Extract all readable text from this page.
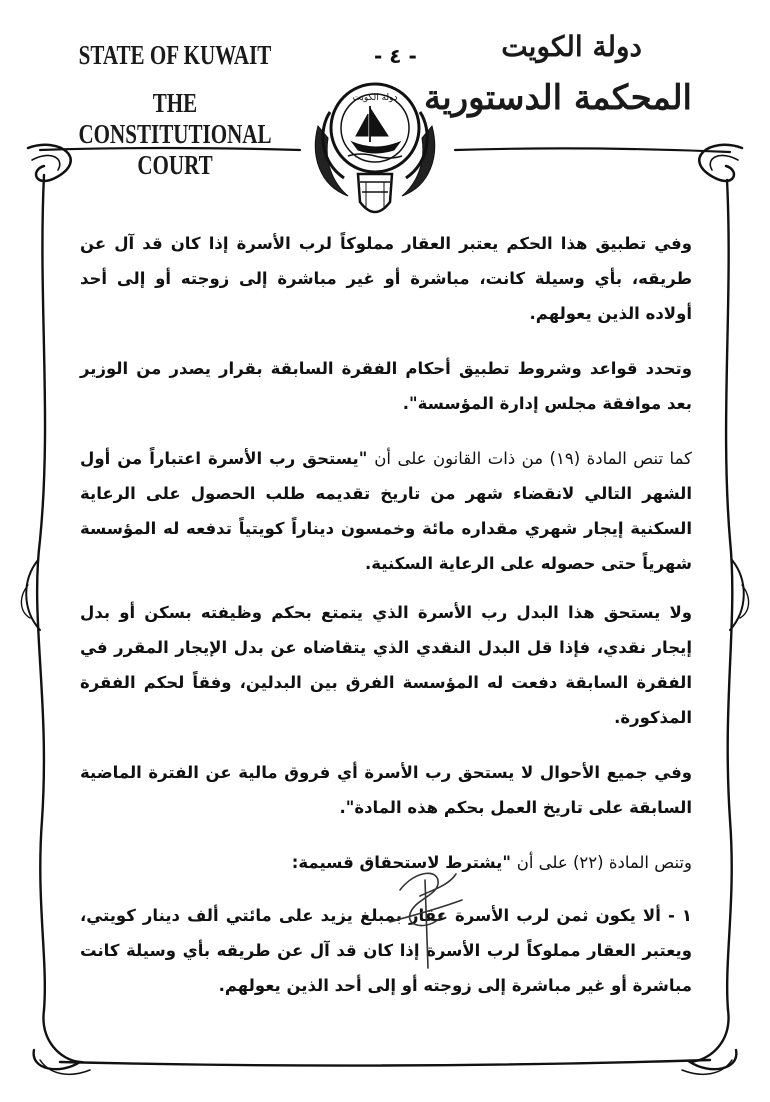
STATE OF KUWAIT
THE CONSTITUTIONAL COURT
- ٤ -	دولة الكويت
المحكمة الدستورية
دولة الكويت

وفي تطبيق هذا الحكم يعتبر العقار مملوكاً لرب الأسرة إذا كان قد آل عن طريقه، بأي وسيلة كانت، مباشرة أو غير مباشرة إلى زوجته أو إلى أحد أولاده الذين يعولهم.

وتحدد قواعد وشروط تطبيق أحكام الفقرة السابقة بقرار يصدر من الوزير بعد موافقة مجلس إدارة المؤسسة".

كما تنص المادة (١٩) من ذات القانون على أن "يستحق رب الأسرة اعتباراً من أول الشهر التالي لانقضاء شهر من تاريخ تقديمه طلب الحصول على الرعاية السكنية إيجار شهري مقداره مائة وخمسون ديناراً كويتياً تدفعه له المؤسسة شهرياً حتى حصوله على الرعاية السكنية.

ولا يستحق هذا البدل رب الأسرة الذي يتمتع بحكم وظيفته بسكن أو بدل إيجار نقدي، فإذا قل البدل النقدي الذي يتقاضاه عن بدل الإيجار المقرر في الفقرة السابقة دفعت له المؤسسة الفرق بين البدلين، وفقاً لحكم الفقرة المذكورة.

وفي جميع الأحوال لا يستحق رب الأسرة أي فروق مالية عن الفترة الماضية السابقة على تاريخ العمل بحكم هذه المادة".

وتنص المادة (٢٢) على أن "يشترط لاستحقاق قسيمة:

١ - ألا يكون ثمن لرب الأسرة عقار بمبلغ يزيد على مائتي ألف دينار كويتي، ويعتبر العقار مملوكاً لرب الأسرة إذا كان قد آل عن طريقه بأي وسيلة كانت مباشرة أو غير مباشرة إلى زوجته أو إلى أحد الذين يعولهم.
